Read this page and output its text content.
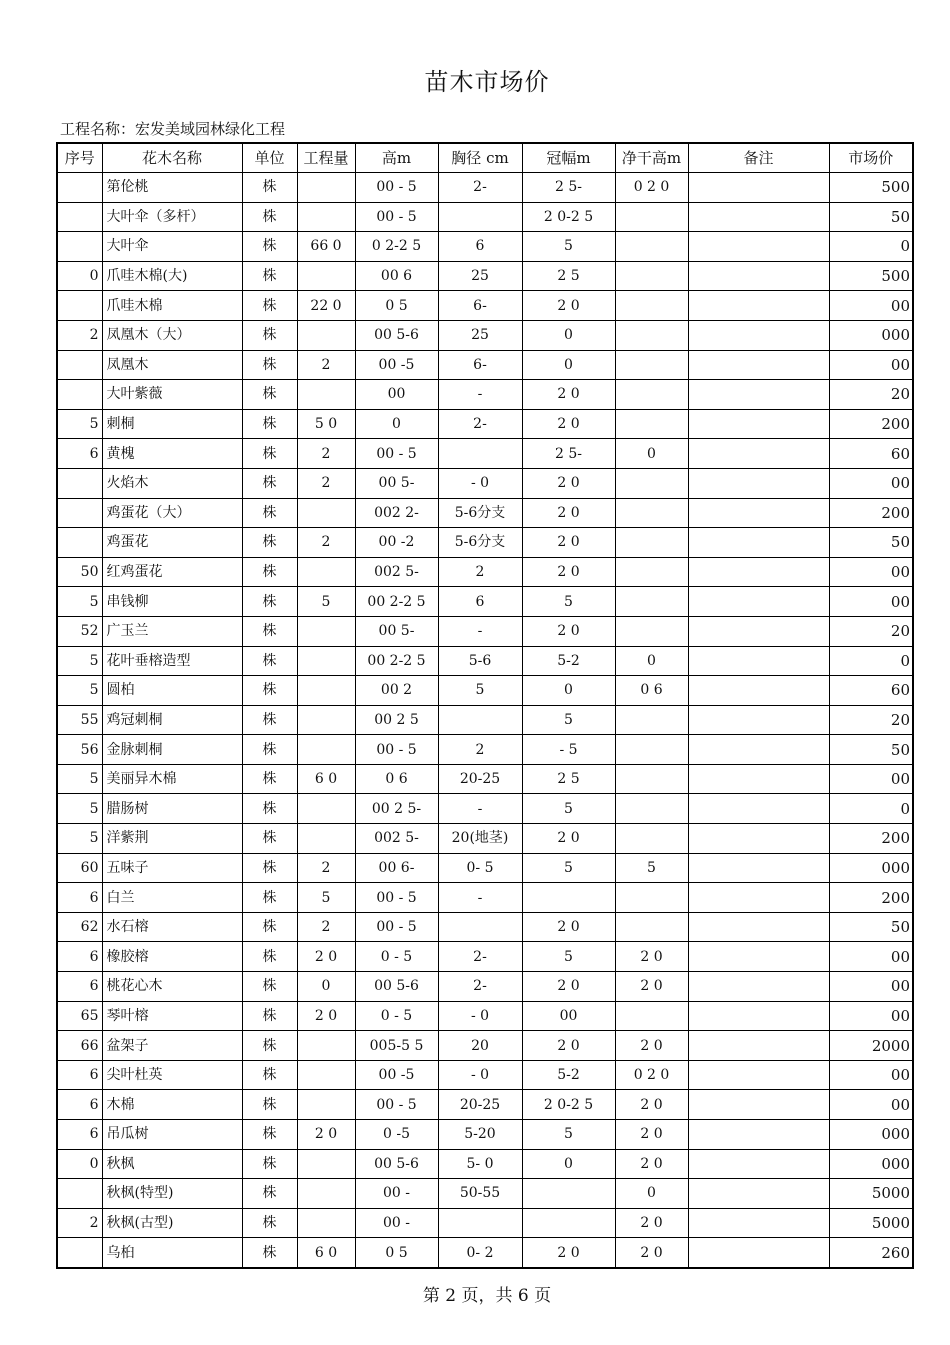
苗木市场价
工程名称：宏发美域园林绿化工程
序号	花木名称	单位	工程量	高m	胸径 cm	冠幅m	净干高m	备注	市场价
	第伦桃	株		00 - 5	2-	2 5-	0 2 0		500
	大叶伞（多杆）	株		00 - 5		2 0-2 5			50
	大叶伞	株	66 0	0 2-2 5	6	5			0
0	爪哇木棉(大)	株		00 6	25	2 5			500
	爪哇木棉	株	22 0	0 5	6-	2 0			00
2	凤凰木（大）	株		00 5-6	25	0			000
	凤凰木	株	2	00 -5	6-	0			00
	大叶紫薇	株		00	-	2 0			20
5	刺桐	株	5 0	0	2-	2 0			200
6	黄槐	株	2	00 - 5		2 5-	0		60
	火焰木	株	2	00 5-	- 0	2 0			00
	鸡蛋花（大）	株		002 2-	5-6分支	2 0			200
	鸡蛋花	株	2	00 -2	5-6分支	2 0			50
50	红鸡蛋花	株		002 5-	2	2 0			00
5	串钱柳	株	5	00 2-2 5	6	5			00
52	广玉兰	株		00 5-	-	2 0			20
5	花叶垂榕造型	株		00 2-2 5	5-6	5-2	0		0
5	圆柏	株		00 2	5	0	0 6		60
55	鸡冠刺桐	株		00 2 5		5			20
56	金脉刺桐	株		00 - 5	2	- 5			50
5	美丽异木棉	株	6 0	0 6	20-25	2 5			00
5	腊肠树	株		00 2 5-	-	5			0
5	洋紫荆	株		002 5-	20(地茎)	2 0			200
60	五味子	株	2	00 6-	0- 5	5	5		000
6	白兰	株	5	00 - 5	-				200
62	水石榕	株	2	00 - 5		2 0			50
6	橡胶榕	株	2 0	0 - 5	2-	5	2 0		00
6	桃花心木	株	0	00 5-6	2-	2 0	2 0		00
65	琴叶榕	株	2 0	0 - 5	- 0	00			00
66	盆架子	株		005-5 5	20	2 0	2 0		2000
6	尖叶杜英	株		00 -5	- 0	5-2	0 2 0		00
6	木棉	株		00 - 5	20-25	2 0-2 5	2 0		00
6	吊瓜树	株	2 0	0 -5	5-20	5	2 0		000
0	秋枫	株		00 5-6	5- 0	0	2 0		000
	秋枫(特型)	株		00 -	50-55		0		5000
2	秋枫(古型)	株		00 -			2 0		5000
	乌桕	株	6 0	0 5	0- 2	2 0	2 0		260
第 2 页，共 6 页
